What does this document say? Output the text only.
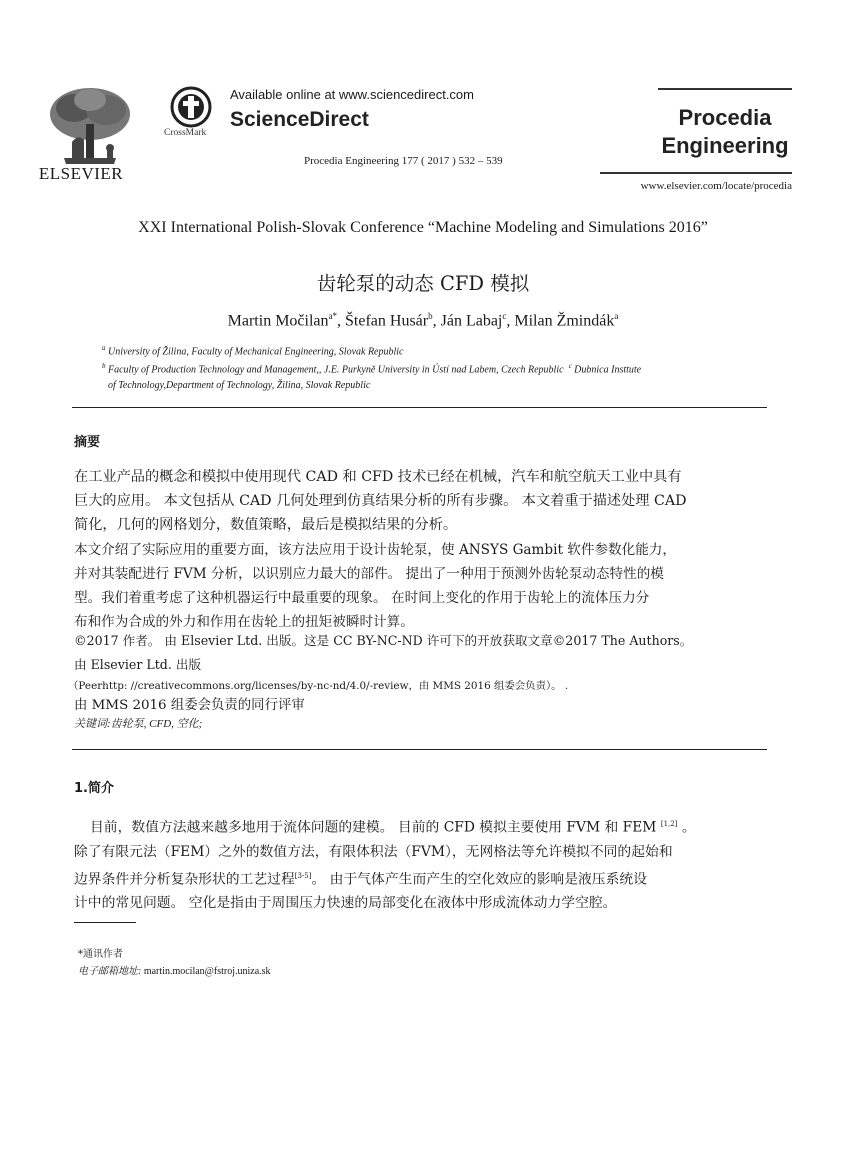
ELSEVIER
CrossMark
Available online at www.sciencedirect.com
ScienceDirect
Procedia Engineering 177 ( 2017 ) 532 – 539
Procedia
Engineering
www.elsevier.com/locate/procedia
XXI International Polish-Slovak Conference “Machine Modeling and Simulations 2016”
齿轮泵的动态 CFD 模拟
Martin Močilan$^{a*}$, Štefan Husár$^b$, Ján Labaj$^c$, Milan Žmindák$^a$
$^a$ University of Žilina, Faculty of Mechanical Engineering, Slovak Republic
$^b$ Faculty of Production Technology and Management,, J.E. Purkyně University in Ústí nad Labem, Czech Republic $^c$ Dubnica Insttute
of Technology,Department of Technology, Žilina, Slovak Republic
摘要
在工业产品的概念和模拟中使用现代 CAD 和 CFD 技术已经在机械，汽车和航空航天工业中具有
巨大的应用。 本文包括从 CAD 几何处理到仿真结果分析的所有步骤。 本文着重于描述处理 CAD
简化，几何的网格划分，数值策略，最后是模拟结果的分析。
本文介绍了实际应用的重要方面，该方法应用于设计齿轮泵，使 ANSYS Gambit 软件参数化能力，
并对其装配进行 FVM 分析，以识别应力最大的部件。 提出了一种用于预测外齿轮泵动态特性的模
型。我们着重考虑了这种机器运行中最重要的现象。 在时间上变化的作用于齿轮上的流体压力分
布和作为合成的外力和作用在齿轮上的扭矩被瞬时计算。
©2017 作者。 由 Elsevier Ltd. 出版。这是 CC BY-NC-ND 许可下的开放获取文章©2017 The Authors。
由 Elsevier Ltd. 出版
（Peerhttp: //creativecommons.org/licenses/by-nc-nd/4.0/-review，由 MMS 2016 组委会负责）。 .
由 MMS 2016 组委会负责的同行评审
关键词:齿轮泵, CFD, 空化;
1.简介
目前，数值方法越来越多地用于流体问题的建模。 目前的 CFD 模拟主要使用 FVM 和 FEM [1,2] 。
除了有限元法（FEM）之外的数值方法，有限体积法（FVM），无网格法等允许模拟不同的起始和
边界条件并分析复杂形状的工艺过程[3-5]。 由于气体产生而产生的空化效应的影响是液压系统设
计中的常见问题。 空化是指由于周围压力快速的局部变化在液体中形成流体动力学空腔。
*通讯作者
电子邮箱地址: martin.mocilan@fstroj.uniza.sk
